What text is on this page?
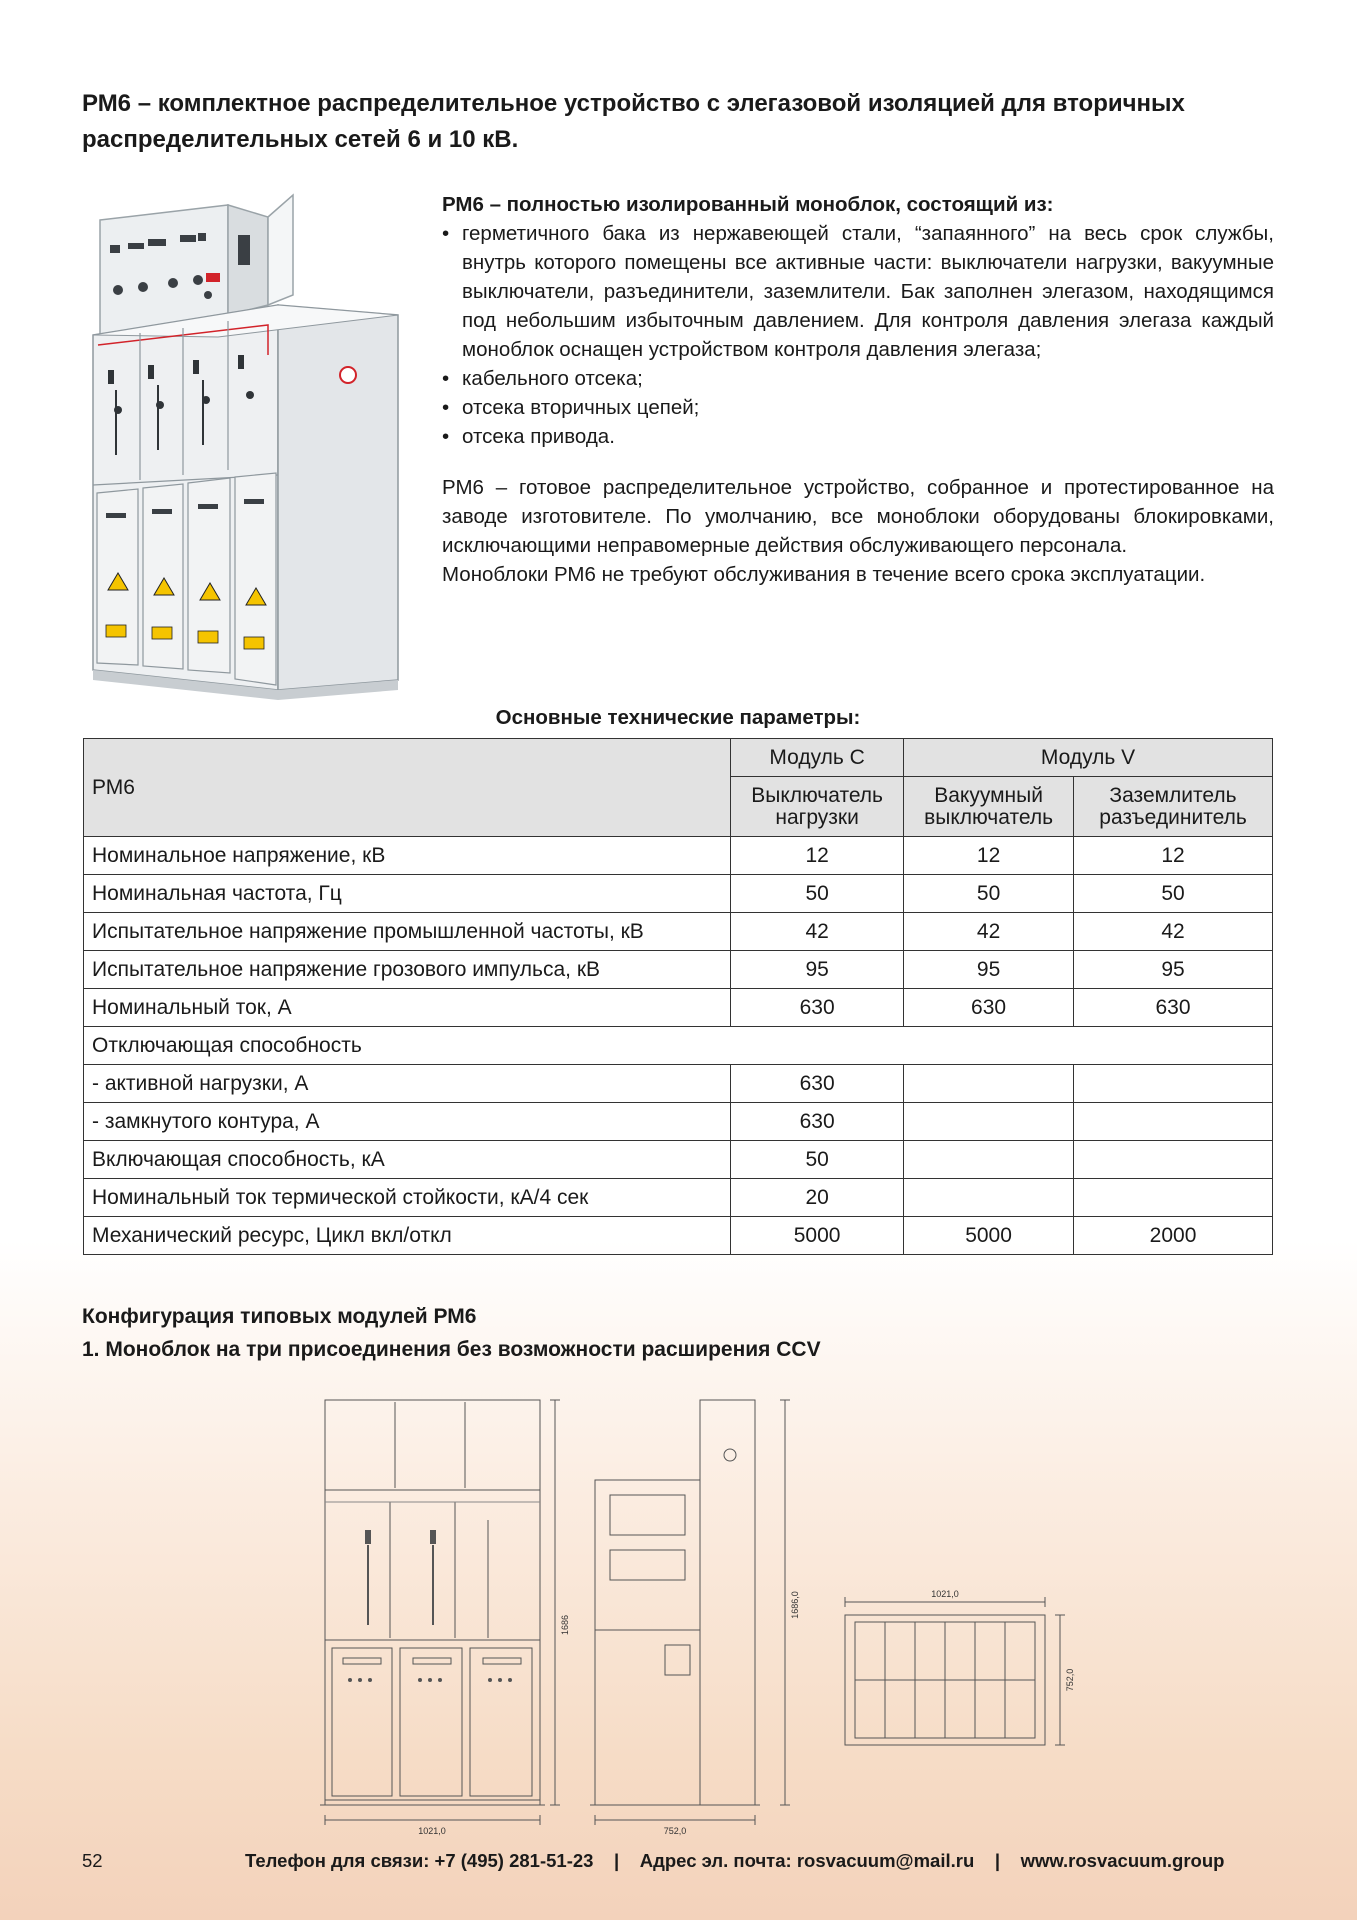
РМ6 – комплектное распределительное устройство с элегазовой изоляцией для вторичных распределительных сетей 6 и 10 кВ.
РМ6 – полностью изолированный моноблок, состоящий из:
• герметичного бака из нержавеющей стали, “запаянного” на весь срок службы, внутрь которого помещены все активные части: выключатели нагрузки, вакуумные выключатели, разъединители, заземлители. Бак заполнен элегазом, находящимся под небольшим избыточным давлением. Для контроля давления элегаза каждый моноблок оснащен устройством контроля давления элегаза;
• кабельного отсека;
• отсека вторичных цепей;
• отсека привода.

РМ6 – готовое распределительное устройство, собранное и протестированное на заводе изготовителе. По умолчанию, все моноблоки оборудованы блокировками, исключающими неправомерные действия обслуживающего персонала.

Моноблоки РМ6 не требуют обслуживания в течение всего срока эксплуатации.

Основные технические параметры:
РМ6	Модуль С	Модуль V	
	Выключатель нагрузки	Вакуумный выключатель	Заземлитель разъединитель
Номинальное напряжение, кВ	12	12	12
Номинальная частота, Гц	50	50	50
Испытательное напряжение промышленной частоты, кВ	42	42	42
Испытательное напряжение грозового импульса, кВ	95	95	95
Номинальный ток, А	630	630	630
Отключающая способность			
- активной нагрузки, А	630		
- замкнутого контура, А	630		
Включающая способность, кА	50		
Номинальный ток термической стойкости, кА/4 сек	20		
Механический ресурс, Цикл вкл/откл	5000	5000	2000
Конфигурация типовых модулей РМ6
1. Моноблок на три присоединения без возможности расширения CCV
1686
1021,0
1686,0
752,0
1021,0
752,0
52	Телефон для связи: +7 (495) 281-51-23 | Адрес эл. почта: rosvacuum@mail.ru | www.rosvacuum.group
